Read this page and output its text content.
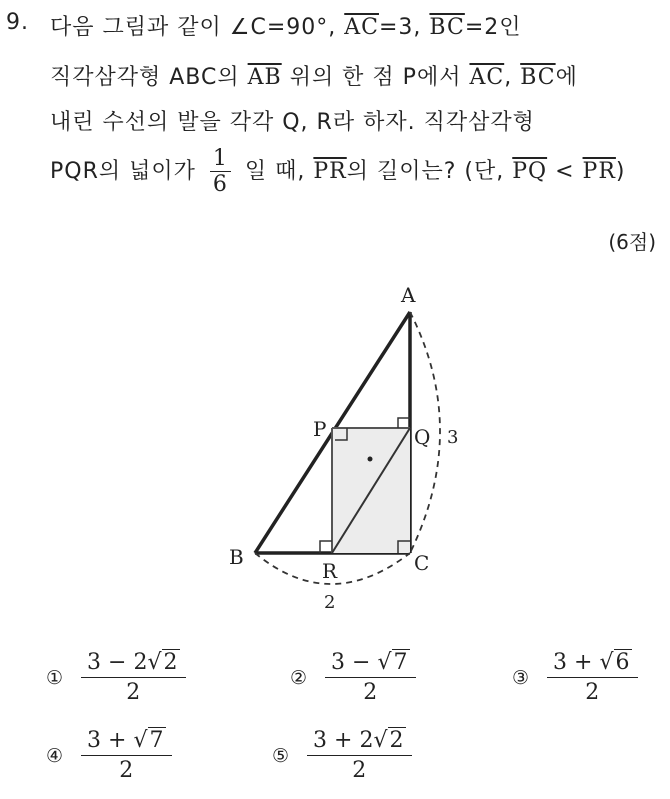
9. 다음 그림과 같이 ∠C=90°, $\overline{AC}=3$, $\overline{BC}=2$인
직각삼각형 ABC의 $\overline{AB}$ 위의 한 점 P에서 $\overline{AC}$, $\overline{BC}$에
내린 수선의 발을 각각 Q, R라 하자. 직각삼각형
PQR의 넓이가 $\frac{1}{6}$ 일 때, $\overline{PR}$의 길이는? (단, $\overline{PQ} < \overline{PR}$)
(6점)
A
B	C
P	Q
R
3
2
①
3 − 2√2
2
②
3 − √7
2
③
3 + √6
2
④
3 + √7
2
⑤
3 + 2√2
2
